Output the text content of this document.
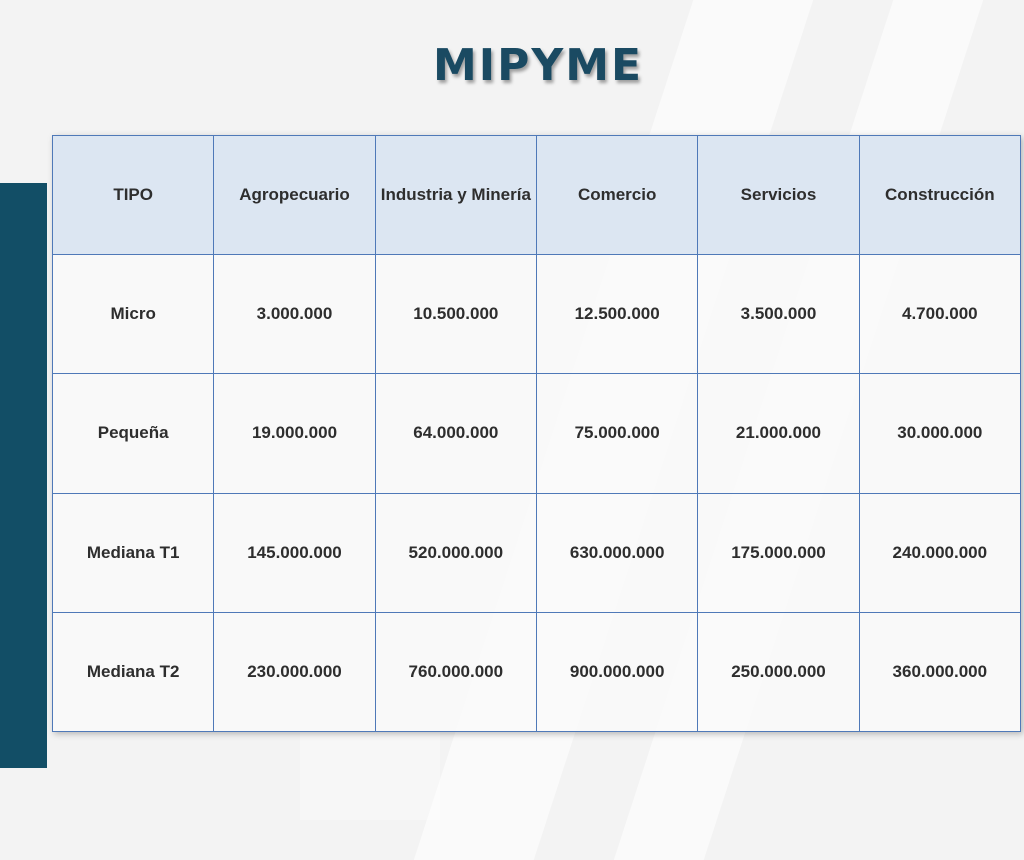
MIPYME
TIPO	Agropecuario	Industria y Minería	Comercio	Servicios	Construcción
Micro	3.000.000	10.500.000	12.500.000	3.500.000	4.700.000
Pequeña	19.000.000	64.000.000	75.000.000	21.000.000	30.000.000
Mediana T1	145.000.000	520.000.000	630.000.000	175.000.000	240.000.000
Mediana T2	230.000.000	760.000.000	900.000.000	250.000.000	360.000.000
